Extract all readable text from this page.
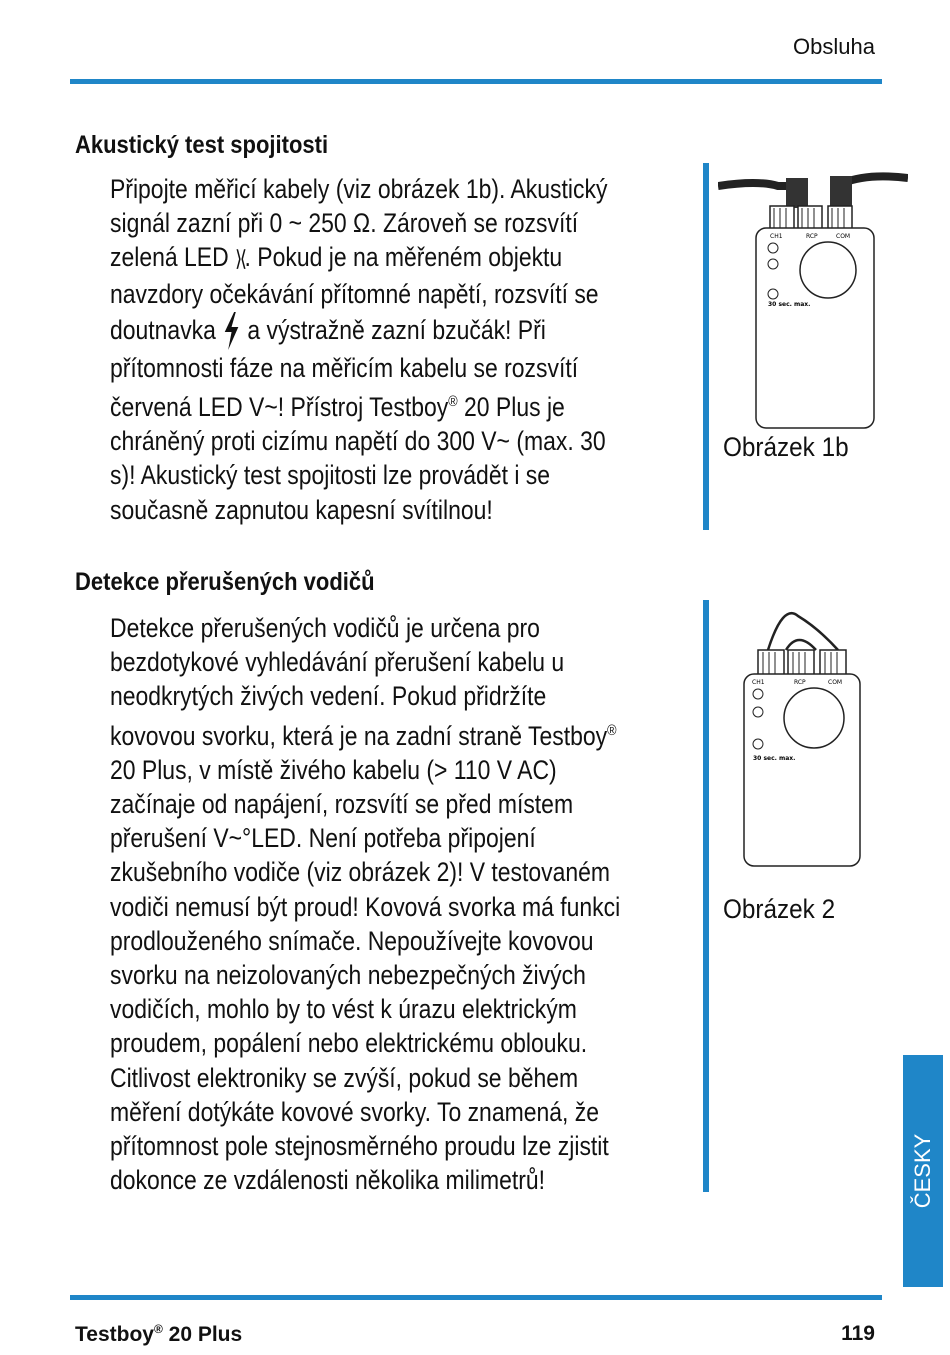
Obsluha
Akustický test spojitosti

Připojte měřicí kabely (viz obrázek 1b). Akustický signál zazní při 0 ~ 250 Ω. Zároveň se rozsvítí zelená LED ⟩⟨. Pokud je na měřeném objektu navzdory očekávání přítomné napětí, rozsvítí se doutnavka  a výstražně zazní bzučák! Při přítomnosti fáze na měřicím kabelu se rozsvítí červená LED V~! Přístroj Testboy® 20 Plus je chráněný proti cizímu napětí do 300 V~ (max. 30 s)! Akustický test spojitosti lze provádět i se současně zapnutou kapesní svítilnou!

CH1	RCP	COM
30 sec. max.
Obrázek 1b
Detekce přerušených vodičů

Detekce přerušených vodičů je určena pro bezdotykové vyhledávání přerušení kabelu u neodkrytých živých vedení. Pokud přidržíte kovovou svorku, která je na zadní straně Testboy® 20 Plus, v místě živého kabelu (> 110 V AC) začínaje od napájení, rozsvítí se před místem přerušení V~°LED. Není potřeba připojení zkušebního vodiče (viz obrázek 2)! V testovaném vodiči nemusí být proud! Kovová svorka má funkci prodlouženého snímače. Nepoužívejte kovovou svorku na neizolovaných nebezpečných živých vodičích, mohlo by to vést k úrazu elektrickým proudem, popálení nebo elektrickému oblouku. Citlivost elektroniky se zvýší, pokud se během měření dotýkáte kovové svorky. To znamená, že přítomnost pole stejnosměrného proudu lze zjistit dokonce ze vzdálenosti několika milimetrů!

CH1	RCP	COM
30 sec. max.
Obrázek 2
ČESKY
Testboy® 20 Plus	119
